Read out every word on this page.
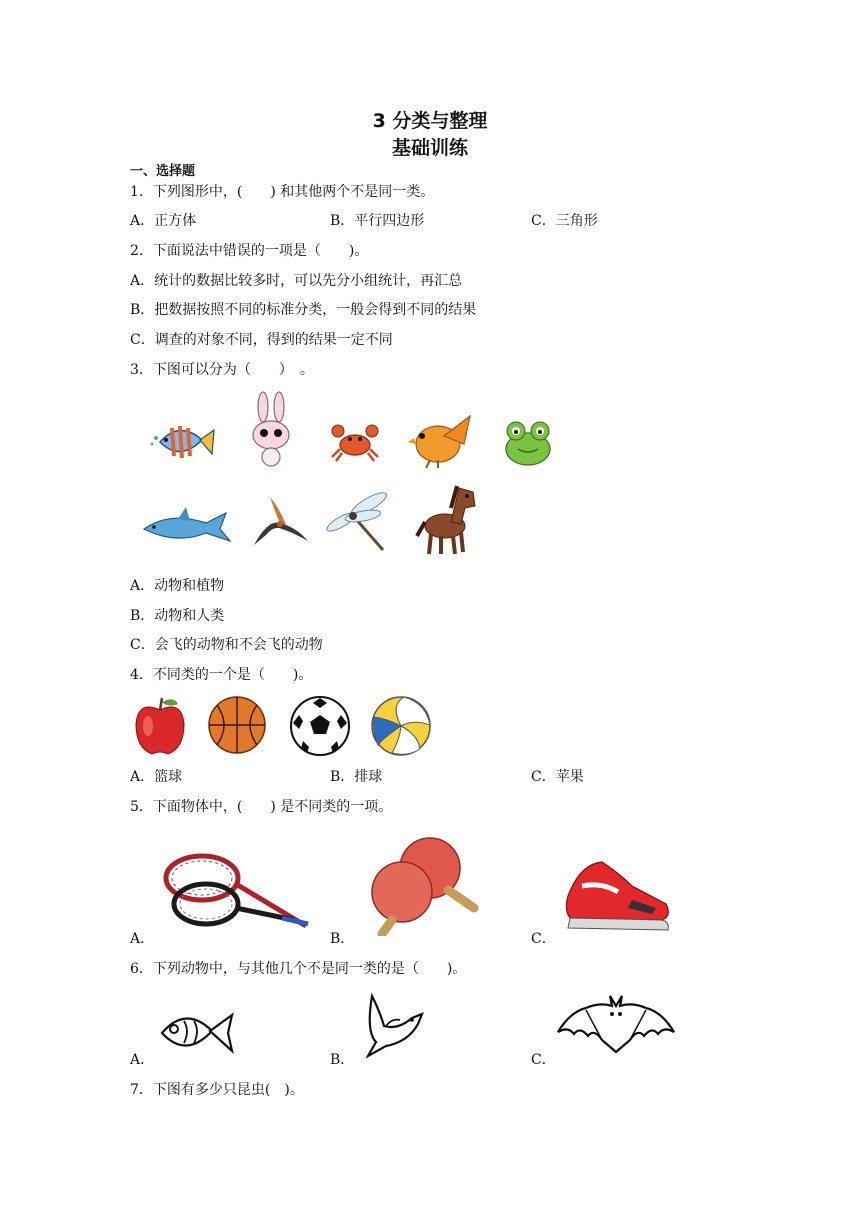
3 分类与整理
基础训练
一、选择题
1．下列图形中，(　　) 和其他两个不是同一类。
A．正方体	B．平行四边形	C．三角形
2．下面说法中错误的一项是（　　)。
A．统计的数据比较多时，可以先分小组统计，再汇总
B．把数据按照不同的标准分类，一般会得到不同的结果
C．调查的对象不同，得到的结果一定不同
3．下图可以分为（　　）　。
A．动物和植物
B．动物和人类
C．会飞的动物和不会飞的动物
4．不同类的一个是（　　)。
A．篮球	B．排球	C．苹果
5．下面物体中，(　　) 是不同类的一项。
A．	B．	C．
6．下列动物中，与其他几个不是同一类的是（　　)。
A．	B．	C．
7．下图有多少只昆虫(　)。
